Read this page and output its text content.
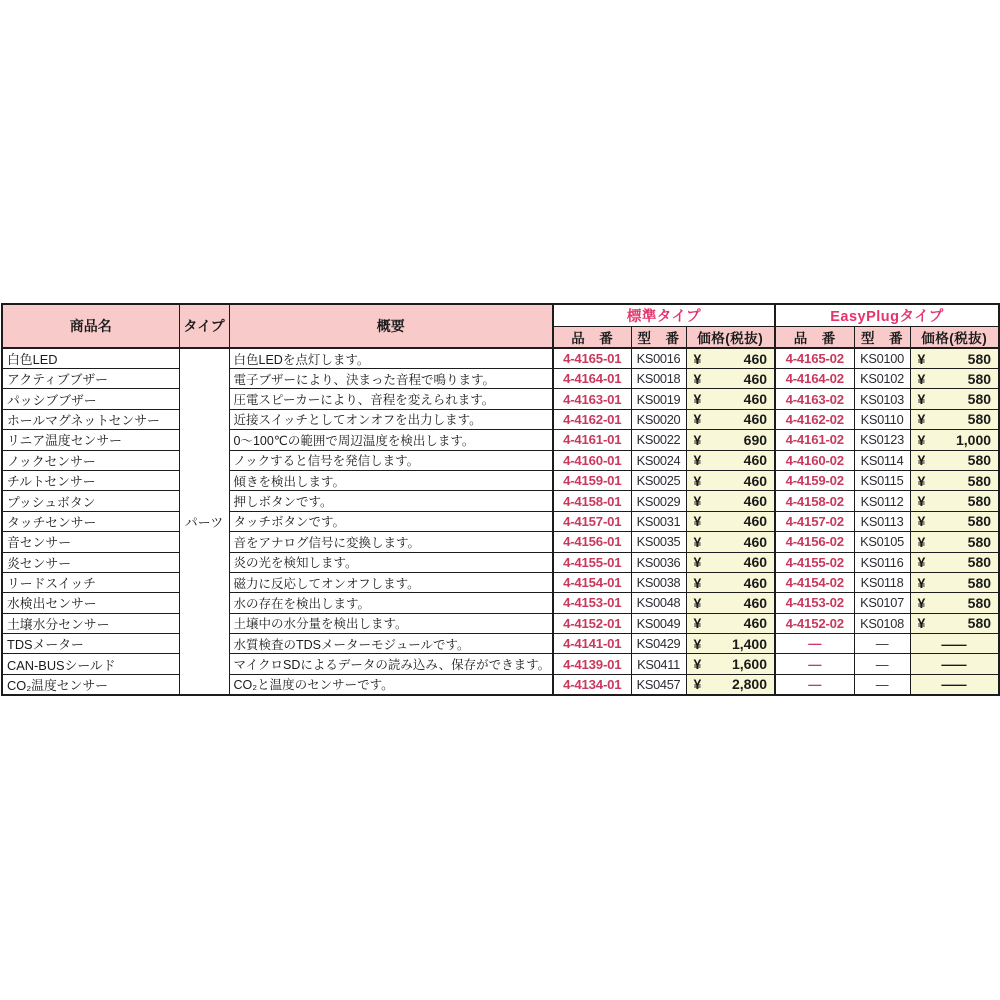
商品名	タイプ	概要	標準タイプ			EasyPlugタイプ		
			品　番	型　番	価格(税抜)	品　番	型　番	価格(税抜)
白色LED	パーツ	白色LEDを点灯します。	4-4165-01	KS0016	¥ 460	4-4165-02	KS0100	¥ 580

アクティブブザー		電子ブザーにより、決まった音程で鳴ります。	4-4164-01	KS0018	¥ 460	4-4164-02	KS0102	¥ 580

パッシブブザー		圧電スピーカーにより、音程を変えられます。	4-4163-01	KS0019	¥ 460	4-4163-02	KS0103	¥ 580

ホールマグネットセンサー		近接スイッチとしてオンオフを出力します。	4-4162-01	KS0020	¥ 460	4-4162-02	KS0110	¥ 580

リニア温度センサー		0～100℃の範囲で周辺温度を検出します。	4-4161-01	KS0022	¥ 690	4-4161-02	KS0123	¥ 1,000

ノックセンサー		ノックすると信号を発信します。	4-4160-01	KS0024	¥ 460	4-4160-02	KS0114	¥ 580

チルトセンサー		傾きを検出します。	4-4159-01	KS0025	¥ 460	4-4159-02	KS0115	¥ 580

プッシュボタン		押しボタンです。	4-4158-01	KS0029	¥ 460	4-4158-02	KS0112	¥ 580

タッチセンサー		タッチボタンです。	4-4157-01	KS0031	¥ 460	4-4157-02	KS0113	¥ 580

音センサー		音をアナログ信号に変換します。	4-4156-01	KS0035	¥ 460	4-4156-02	KS0105	¥ 580

炎センサー		炎の光を検知します。	4-4155-01	KS0036	¥ 460	4-4155-02	KS0116	¥ 580

リードスイッチ		磁力に反応してオンオフします。	4-4154-01	KS0038	¥ 460	4-4154-02	KS0118	¥ 580

水検出センサー		水の存在を検出します。	4-4153-01	KS0048	¥ 460	4-4153-02	KS0107	¥ 580

土壌水分センサー		土壌中の水分量を検出します。	4-4152-01	KS0049	¥ 460	4-4152-02	KS0108	¥ 580

TDSメーター		水質検査のTDSメーターモジュールです。	4-4141-01	KS0429	¥ 1,400	―	―	―
CAN-BUSシールド		マイクロSDによるデータの読み込み、保存ができます。	4-4139-01	KS0411	¥ 1,600	―	―	―
CO₂温度センサー		CO₂と温度のセンサーです。	4-4134-01	KS0457	¥ 2,800	―	―	―
